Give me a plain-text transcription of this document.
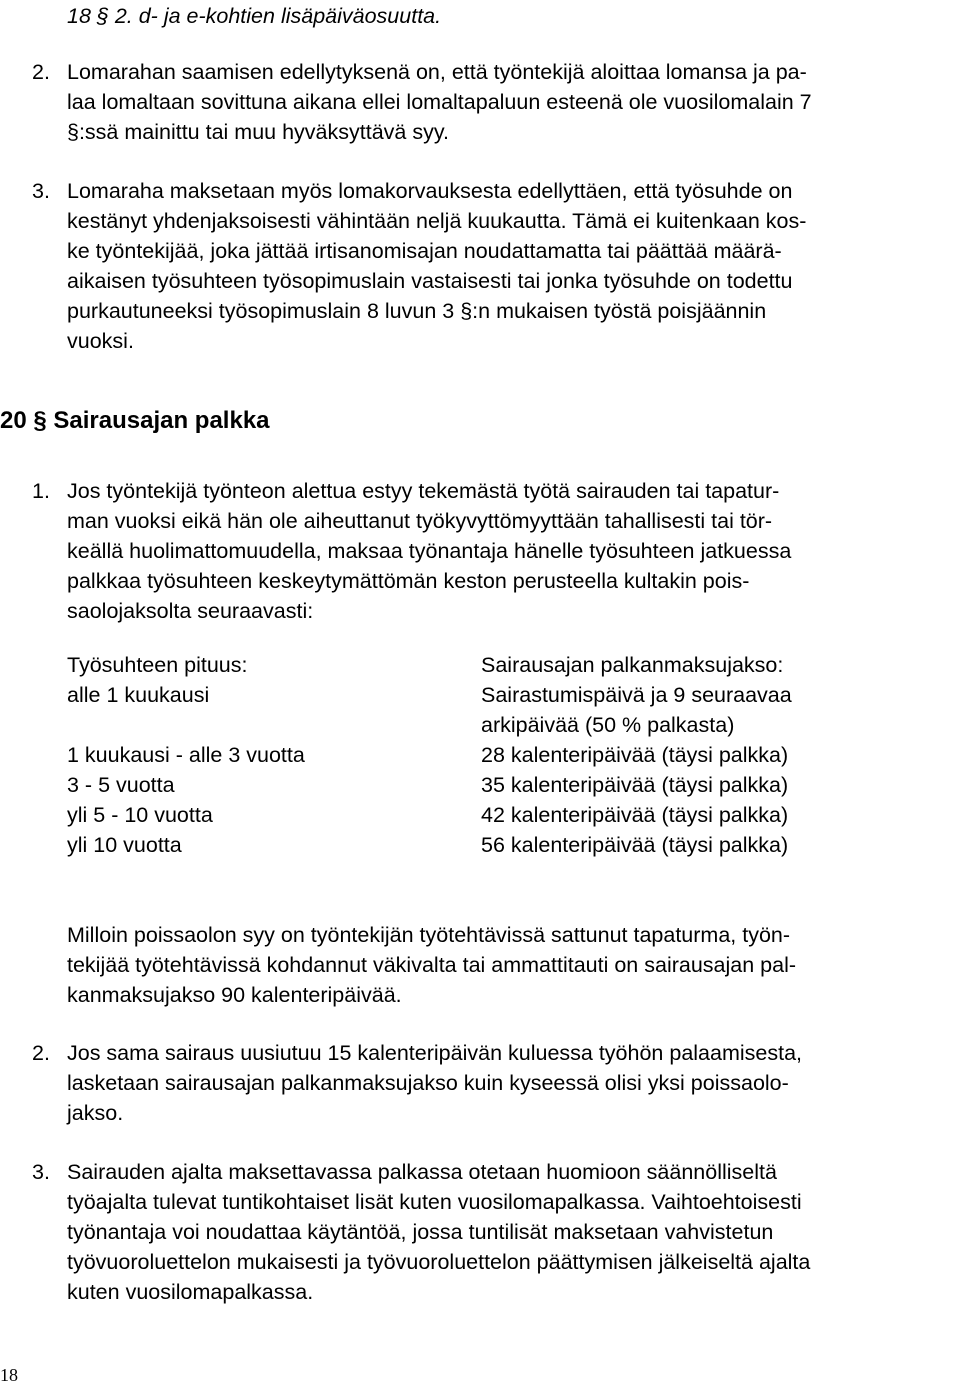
18 § 2. d- ja e-kohtien lisäpäiväosuutta.
2. Lomarahan saamisen edellytyksenä on, että työntekijä aloittaa lomansa ja pa-
laa lomaltaan sovittuna aikana ellei lomaltapaluun esteenä ole vuosilomalain 7
§:ssä mainittu tai muu hyväksyttävä syy.
3. Lomaraha maksetaan myös lomakorvauksesta edellyttäen, että työsuhde on
kestänyt yhdenjaksoisesti vähintään neljä kuukautta. Tämä ei kuitenkaan kos-
ke työntekijää, joka jättää irtisanomisajan noudattamatta tai päättää määrä-
aikaisen työsuhteen työsopimuslain vastaisesti tai jonka työsuhde on todettu
purkautuneeksi työsopimuslain 8 luvun 3 §:n mukaisen työstä poisjäännin
vuoksi.
20 § Sairausajan palkka
1. Jos työntekijä työnteon alettua estyy tekemästä työtä sairauden tai tapatur-
man vuoksi eikä hän ole aiheuttanut työkyvyttömyyttään tahallisesti tai tör-
keällä huolimattomuudella, maksaa työnantaja hänelle työsuhteen jatkuessa
palkkaa työsuhteen keskeytymättömän keston perusteella kultakin pois-
saolojaksolta seuraavasti:
Työsuhteen pituus:	Sairausajan palkanmaksujakso:
alle 1 kuukausi	Sairastumispäivä ja 9 seuraavaa
arkipäivää (50 % palkasta)
1 kuukausi - alle 3 vuotta	28 kalenteripäivää (täysi palkka)
3 - 5 vuotta	35 kalenteripäivää (täysi palkka)
yli 5 - 10 vuotta	42 kalenteripäivää (täysi palkka)
yli 10 vuotta	56 kalenteripäivää (täysi palkka)
Milloin poissaolon syy on työntekijän työtehtävissä sattunut tapaturma, työn-
tekijää työtehtävissä kohdannut väkivalta tai ammattitauti on sairausajan pal-
kanmaksujakso 90 kalenteripäivää.
2. Jos sama sairaus uusiutuu 15 kalenteripäivän kuluessa työhön palaamisesta,
lasketaan sairausajan palkanmaksujakso kuin kyseessä olisi yksi poissaolo-
jakso.
3. Sairauden ajalta maksettavassa palkassa otetaan huomioon säännölliseltä
työajalta tulevat tuntikohtaiset lisät kuten vuosilomapalkassa. Vaihtoehtoisesti
työnantaja voi noudattaa käytäntöä, jossa tuntilisät maksetaan vahvistetun
työvuoroluettelon mukaisesti ja työvuoroluettelon päättymisen jälkeiseltä ajalta
kuten vuosilomapalkassa.
18
